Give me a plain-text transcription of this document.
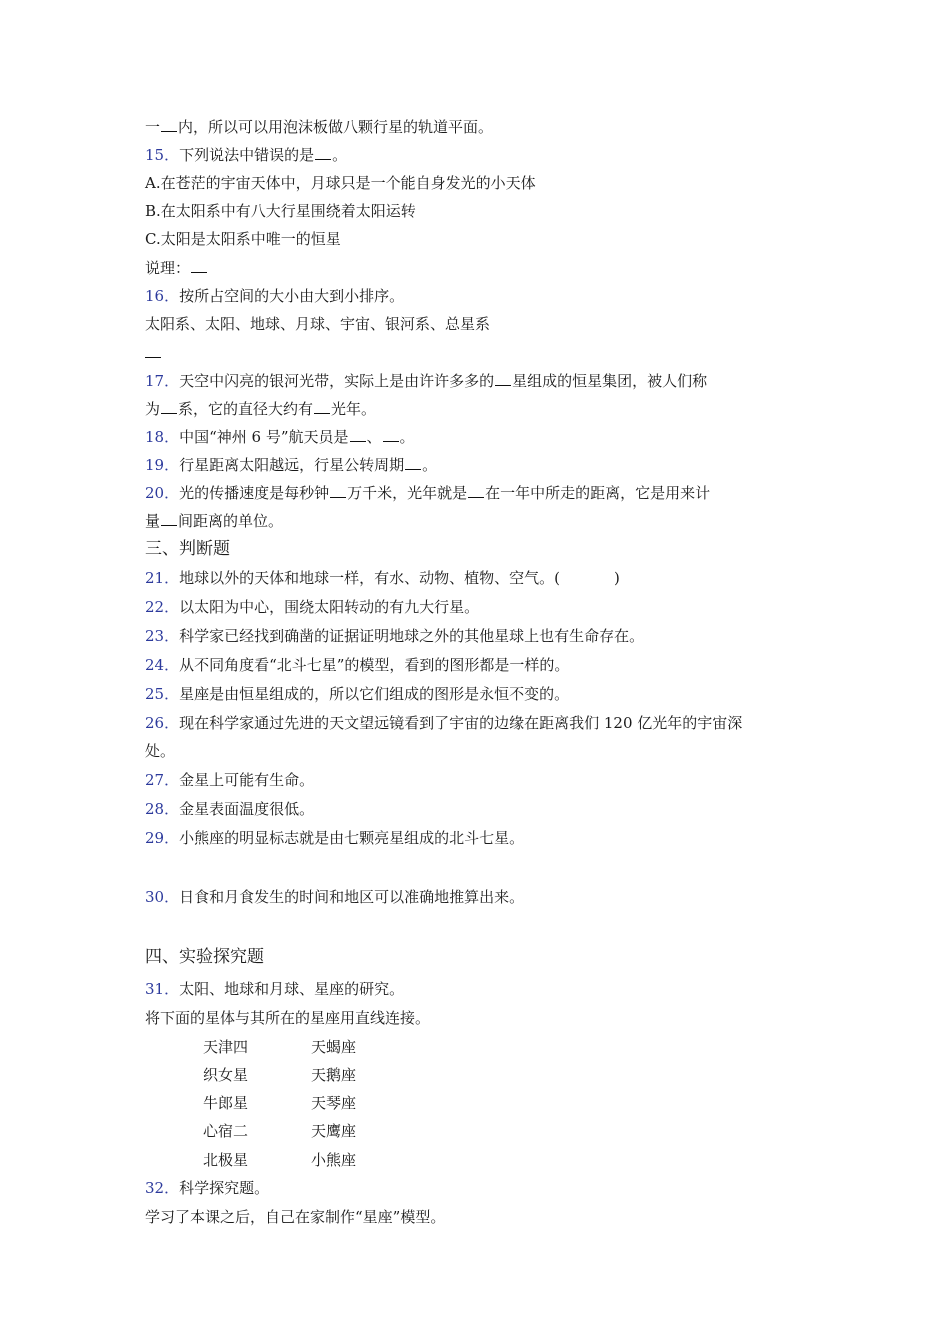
一 内，所以可以用泡沫板做八颗行星的轨道平面。
15．下列说法中错误的是 。
A.在苍茫的宇宙天体中，月球只是一个能自身发光的小天体
B.在太阳系中有八大行星围绕着太阳运转
C.太阳是太阳系中唯一的恒星
说理：
16．按所占空间的大小由大到小排序。
太阳系、太阳、地球、月球、宇宙、银河系、总星系
17．天空中闪亮的银河光带，实际上是由许许多多的 星组成的恒星集团，被人们称
为 系，它的直径大约有 光年。
18．中国“神州 6 号”航天员是 、 。
19．行星距离太阳越远，行星公转周期 。
20．光的传播速度是每秒钟 万千米，光年就是 在一年中所走的距离，它是用来计
量 间距离的单位。
三、判断题
21．地球以外的天体和地球一样，有水、动物、植物、空气。(	)
22．以太阳为中心，围绕太阳转动的有九大行星。
23．科学家已经找到确凿的证据证明地球之外的其他星球上也有生命存在。
24．从不同角度看“北斗七星”的模型，看到的图形都是一样的。
25．星座是由恒星组成的，所以它们组成的图形是永恒不变的。
26．现在科学家通过先进的天文望远镜看到了宇宙的边缘在距离我们 120 亿光年的宇宙深
处。
27．金星上可能有生命。
28．金星表面温度很低。
29．小熊座的明显标志就是由七颗亮星组成的北斗七星。
30．日食和月食发生的时间和地区可以准确地推算出来。
四、实验探究题
31．太阳、地球和月球、星座的研究。
将下面的星体与其所在的星座用直线连接。
天津四	天蝎座
织女星	天鹅座
牛郎星	天琴座
心宿二	天鹰座
北极星	小熊座
32．科学探究题。
学习了本课之后，自己在家制作“星座”模型。
